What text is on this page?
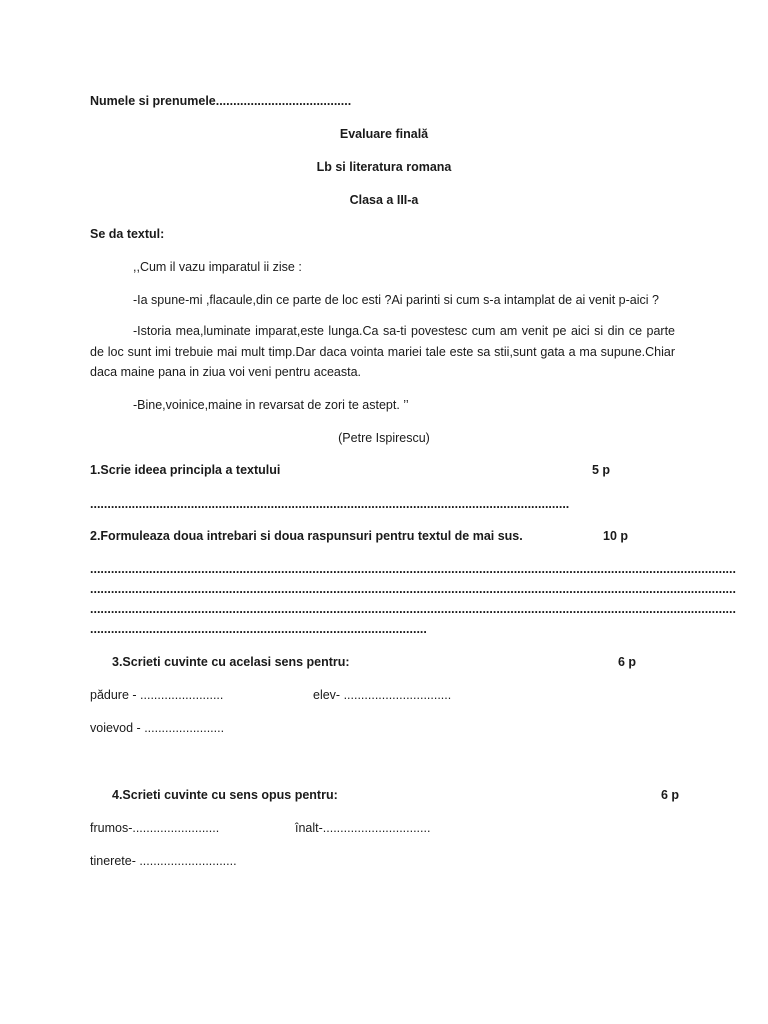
Numele si prenumele.......................................
Evaluare finală
Lb si literatura romana
Clasa a III-a
Se da textul:
,,Cum il vazu imparatul ii zise :
-Ia spune-mi ,flacaule,din ce parte de loc esti ?Ai parinti si cum s-a intamplat de ai venit p-aici ?
-Istoria mea,luminate imparat,este lunga.Ca sa-ti povestesc cum am venit pe aici si din ce parte de loc sunt imi trebuie mai mult timp.Dar daca vointa mariei tale este sa stii,sunt gata a ma supune.Chiar daca maine pana in ziua voi veni pentru aceasta.
-Bine,voinice,maine in revarsat de zori te astept. ’’
(Petre Ispirescu)
1.Scrie ideea principla a textului	5 p
..........................................................................................................................................
2.Formuleaza doua intrebari si doua raspunsuri pentru textul de mai sus.	10 p
..........................................................................................................................................................................................
..........................................................................................................................................................................................
..........................................................................................................................................................................................
.................................................................................................
3.Scrieti cuvinte cu acelasi sens pentru:	6 p
pădure - ........................	elev- ...............................
voievod - .......................
4.Scrieti cuvinte cu sens opus pentru:	6 p
frumos-.........................	înalt-...............................
tinerete- ............................
